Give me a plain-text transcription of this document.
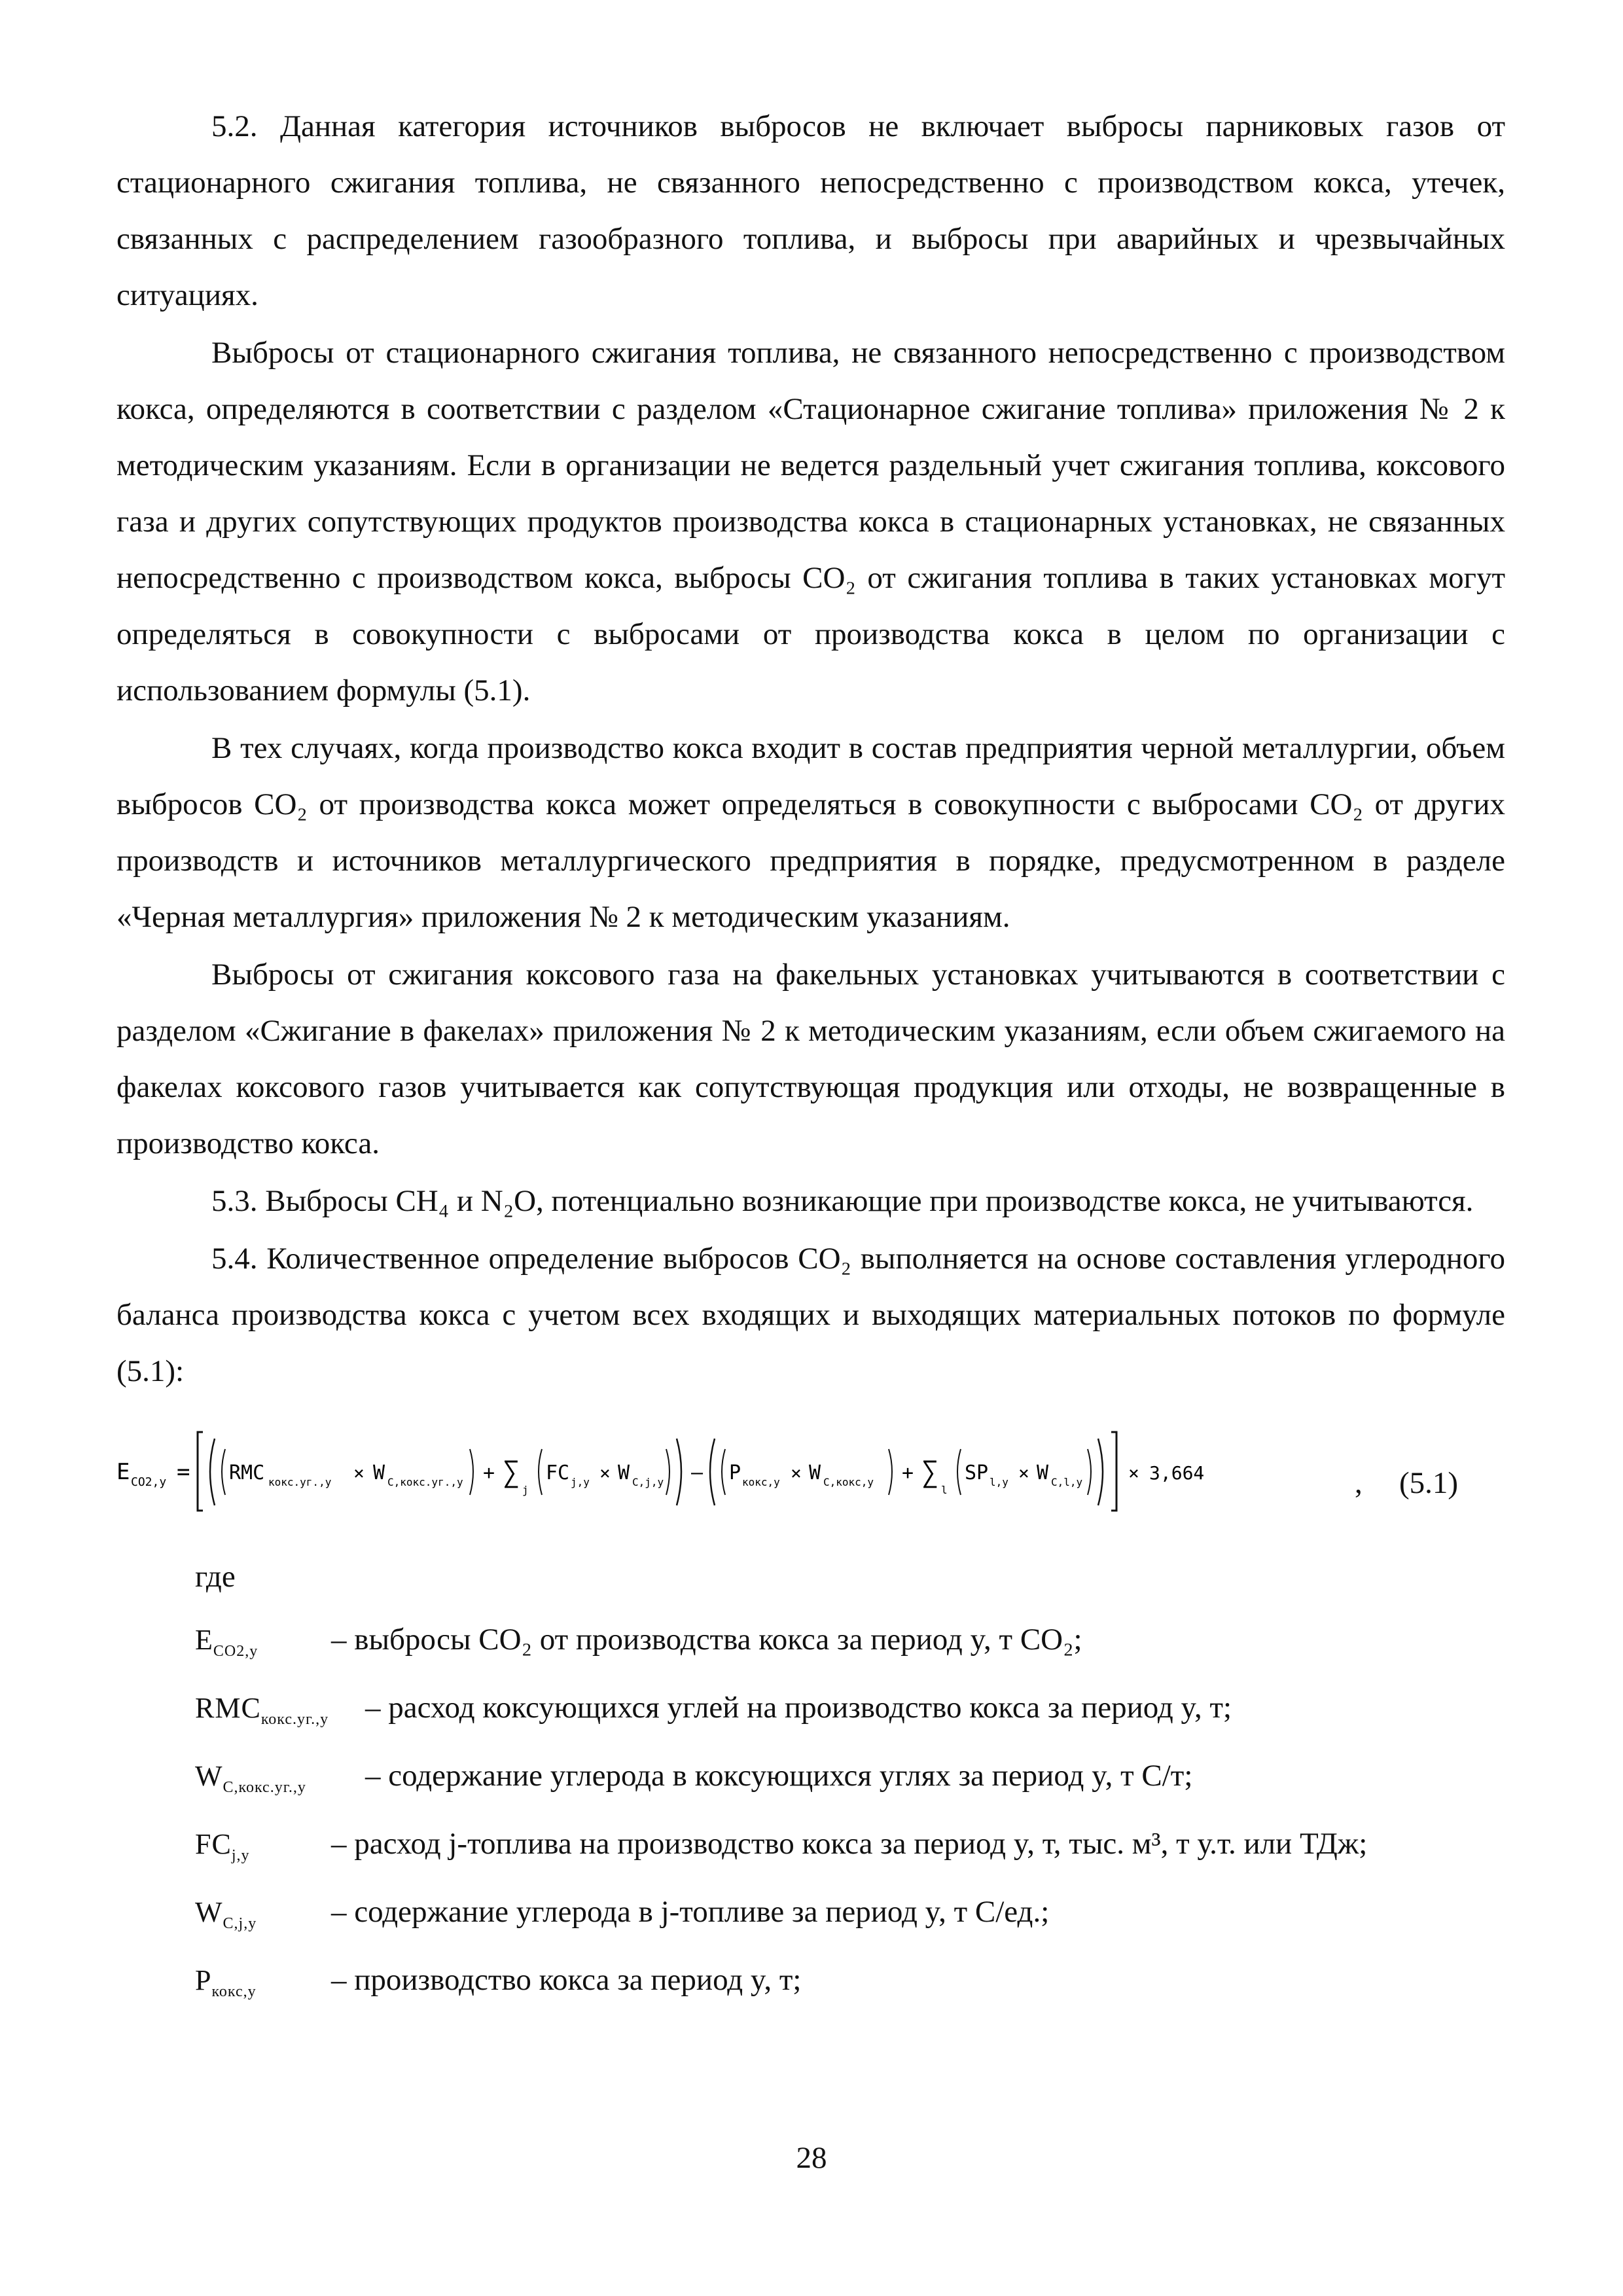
5.2. Данная категория источников выбросов не включает выбросы парниковых газов от стационарного сжигания топлива, не связанного непосредственно с производством кокса, утечек, связанных с распределением газообразного топлива, и выбросы при аварийных и чрезвычайных ситуациях.

Выбросы от стационарного сжигания топлива, не связанного непосредственно с производством кокса, определяются в соответствии с разделом «Стационарное сжигание топлива» приложения № 2 к методическим указаниям. Если в организации не ведется раздельный учет сжигания топлива, коксового газа и других сопутствующих продуктов производства кокса в стационарных установках, не связанных непосредственно с производством кокса, выбросы СО₂ от сжигания топлива в таких установках могут определяться в совокупности с выбросами от производства кокса в целом по организации с использованием формулы (5.1).

В тех случаях, когда производство кокса входит в состав предприятия черной металлургии, объем выбросов СО₂ от производства кокса может определяться в совокупности с выбросами СО₂ от других производств и источников металлургического предприятия в порядке, предусмотренном в разделе «Черная металлургия» приложения № 2 к методическим указаниям.

Выбросы от сжигания коксового газа на факельных установках учитываются в соответствии с разделом «Сжигание в факелах» приложения № 2 к методическим указаниям, если объем сжигаемого на факелах коксового газов учитывается как сопутствующая продукция или отходы, не возвращенные в производство кокса.

5.3. Выбросы СН₄ и N₂O, потенциально возникающие при производстве кокса, не учитываются.

5.4. Количественное определение выбросов СО₂ выполняется на основе составления углеродного баланса производства кокса с учетом всех входящих и выходящих материальных потоков по формуле (5.1):

E CO2,y = RMC кокс.уг.,y × W C,кокс.уг.,y + ∑
j
FC j,y × W C,j,y – P кокс,y × W C,кокс,y + ∑
l
SP l,y × W C,l,y × 3,664	, (5.1)

где

$E_{CO2,y}$	– выбросы СО₂ от производства кокса за период y, т СО₂;
$RMC_{кокс.уг.,y}$	– расход коксующихся углей на производство кокса за период y, т;
$W_{C,кокс.уг.,y}$	– содержание углерода в коксующихся углях за период y, т С/т;
$FC_{j,y}$	– расход j-топлива на производство кокса за период y, т, тыс. м³, т у.т. или ТДж;
$W_{C,j,y}$	– содержание углерода в j-топливе за период y, т С/ед.;
$P_{кокс,y}$	– производство кокса за период y, т;
28
